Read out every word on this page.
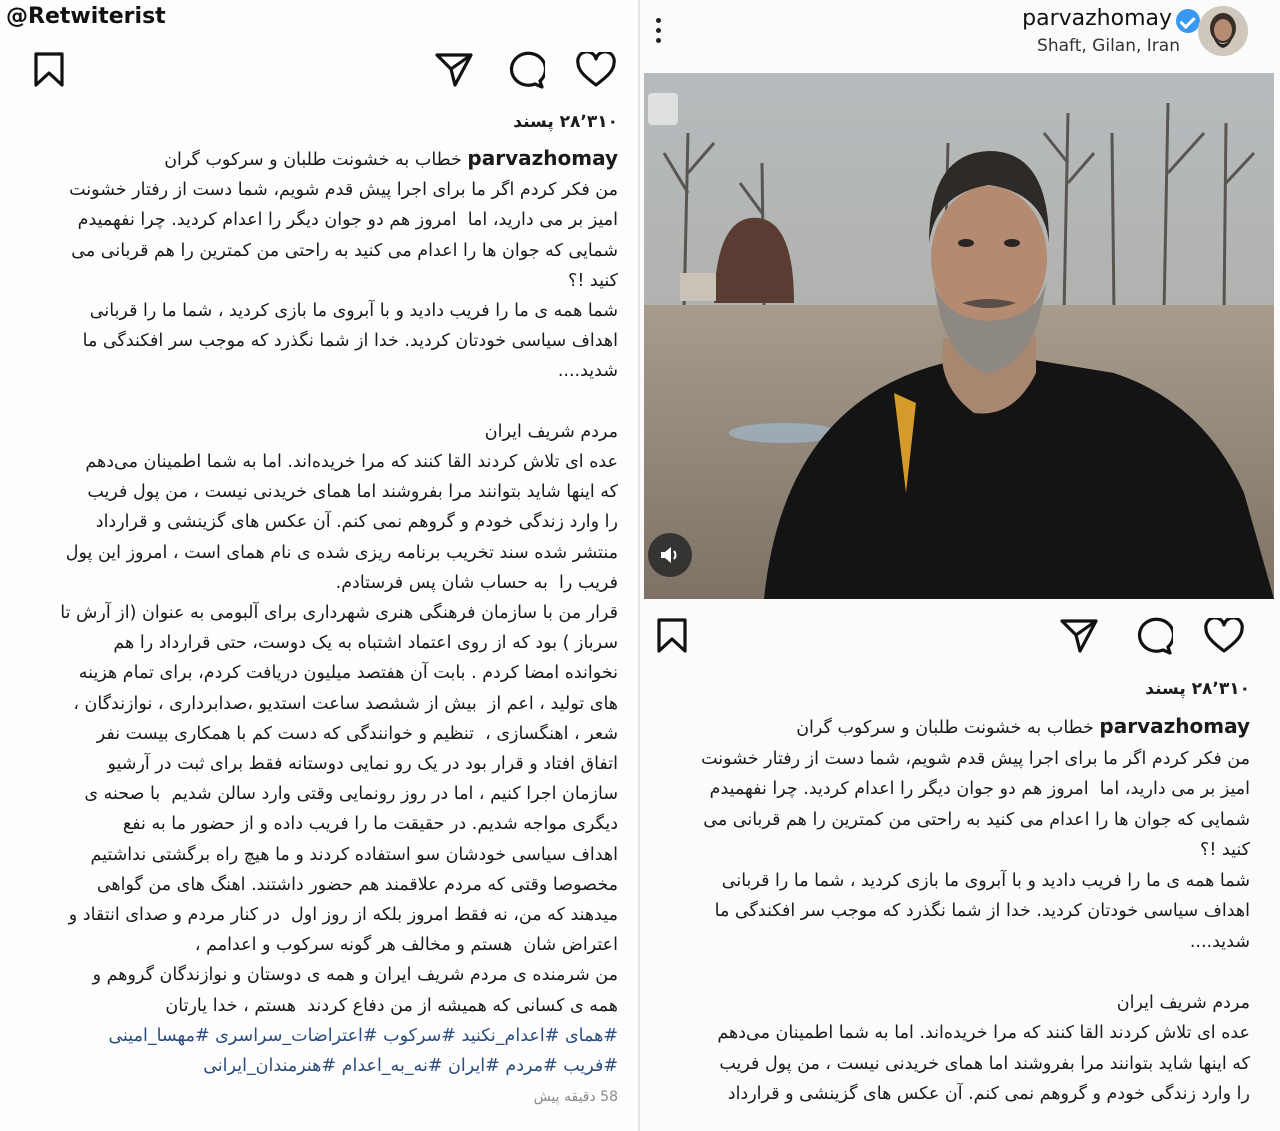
@Retwiterist
۲۸٬۳۱۰ پسند
parvazhomay خطاب به خشونت طلبان و سرکوب گران
من فکر کردم اگر ما برای اجرا پیش قدم شویم، شما دست از رفتار خشونت
امیز بر می دارید، اما  امروز هم دو جوان دیگر را اعدام کردید. چرا نفهمیدم
شمایی که جوان ها را اعدام می کنید به راحتی من کمترین را هم قربانی می
کنید !؟
شما همه ی ما را فریب دادید و با آبروی ما بازی کردید ، شما ما را قربانی
اهداف سیاسی خودتان کردید. خدا از شما نگذرد که موجب سر افکندگی ما
شدید....

مردم شریف ایران
عده ای تلاش کردند القا کنند که مرا خریده‌اند. اما به شما اطمینان می‌دهم
که اینها شاید بتوانند مرا بفروشند اما همای خریدنی نیست ، من پول فریب
را وارد زندگی خودم و گروهم نمی کنم. آن عکس های گزینشی و قرارداد
منتشر شده سند تخریب برنامه ریزی شده ی نام همای است ، امروز این پول
فریب را  به حساب شان پس فرستادم.
قرار من با سازمان فرهنگی هنری شهرداری برای آلبومی به عنوان (از آرش تا
سرباز ) بود که از روی اعتماد اشتباه به یک دوست، حتی قرارداد را هم
نخوانده امضا کردم . بابت آن هفتصد میلیون دریافت کردم، برای تمام هزینه
های تولید ، اعم از  بیش از ششصد ساعت استدیو ،صدابرداری ، نوازندگان ،
شعر ، اهنگسازی ،  تنظیم و خوانندگی که دست کم با همکاری بیست نفر
اتفاق افتاد و قرار بود در یک رو نمایی دوستانه فقط برای ثبت در آرشیو
سازمان اجرا کنیم ، اما در روز رونمایی وقتی وارد سالن شدیم  با صحنه ی
دیگری مواجه شدیم. در حقیقت ما را فریب داده و از حضور ما به نفع
اهداف سیاسی خودشان سو استفاده کردند و ما هیچ راه برگشتی نداشتیم
مخصوصا وقتی که مردم علاقمند هم حضور داشتند. اهنگ های من گواهی
میدهند که من، نه فقط امروز بلکه از روز اول  در کنار مردم و صدای انتقاد و
اعتراض شان  هستم و مخالف هر گونه سرکوب و اعدامم ،
من شرمنده ی مردم شریف ایران و همه ی دوستان و نوازندگان گروهم و
همه ی کسانی که همیشه از من دفاع کردند  هستم ، خدا یارتان
#همای #اعدام_نکنید #سرکوب #اعتراضات_سراسری #مهسا_امینی
#فریب #مردم #ایران #نه_به_اعدام #هنرمندان_ایرانی
58 دقیقه پیش
parvazhomay
Shaft, Gilan, Iran
۲۸٬۳۱۰ پسند
parvazhomay خطاب به خشونت طلبان و سرکوب گران
من فکر کردم اگر ما برای اجرا پیش قدم شویم، شما دست از رفتار خشونت
امیز بر می دارید، اما  امروز هم دو جوان دیگر را اعدام کردید. چرا نفهمیدم
شمایی که جوان ها را اعدام می کنید به راحتی من کمترین را هم قربانی می
کنید !؟
شما همه ی ما را فریب دادید و با آبروی ما بازی کردید ، شما ما را قربانی
اهداف سیاسی خودتان کردید. خدا از شما نگذرد که موجب سر افکندگی ما
شدید....

مردم شریف ایران
عده ای تلاش کردند القا کنند که مرا خریده‌اند. اما به شما اطمینان می‌دهم
که اینها شاید بتوانند مرا بفروشند اما همای خریدنی نیست ، من پول فریب
را وارد زندگی خودم و گروهم نمی کنم. آن عکس های گزینشی و قرارداد
